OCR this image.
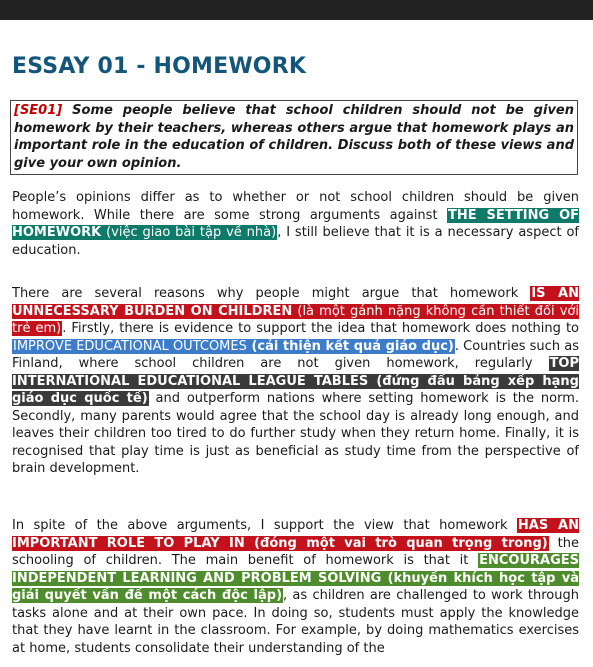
ESSAY 01 - HOMEWORK
[SE01] Some people believe that school children should not be given homework by their teachers, whereas others argue that homework plays an important role in the education of children. Discuss both of these views and give your own opinion.

People’s opinions differ as to whether or not school children should be given homework. While there are some strong arguments against THE SETTING OF HOMEWORK (việc giao bài tập về nhà), I still believe that it is a necessary aspect of education.

There are several reasons why people might argue that homework IS AN UNNECESSARY BURDEN ON CHILDREN (là một gánh nặng không cần thiết đối với trẻ em). Firstly, there is evidence to support the idea that homework does nothing to IMPROVE EDUCATIONAL OUTCOMES (cải thiện kết quả giáo dục). Countries such as Finland, where school children are not given homework, regularly TOP INTERNATIONAL EDUCATIONAL LEAGUE TABLES (đứng đầu bảng xếp hạng giáo dục quốc tế) and outperform nations where setting homework is the norm. Secondly, many parents would agree that the school day is already long enough, and leaves their children too tired to do further study when they return home. Finally, it is recognised that play time is just as beneficial as study time from the perspective of brain development.

In spite of the above arguments, I support the view that homework HAS AN IMPORTANT ROLE TO PLAY IN (đóng một vai trò quan trọng trong) the schooling of children. The main benefit of homework is that it ENCOURAGES INDEPENDENT LEARNING AND PROBLEM SOLVING (khuyến khích học tập và giải quyết vấn đề một cách độc lập), as children are challenged to work through tasks alone and at their own pace. In doing so, students must apply the knowledge that they have learnt in the classroom. For example, by doing mathematics exercises at home, students consolidate their understanding of the
